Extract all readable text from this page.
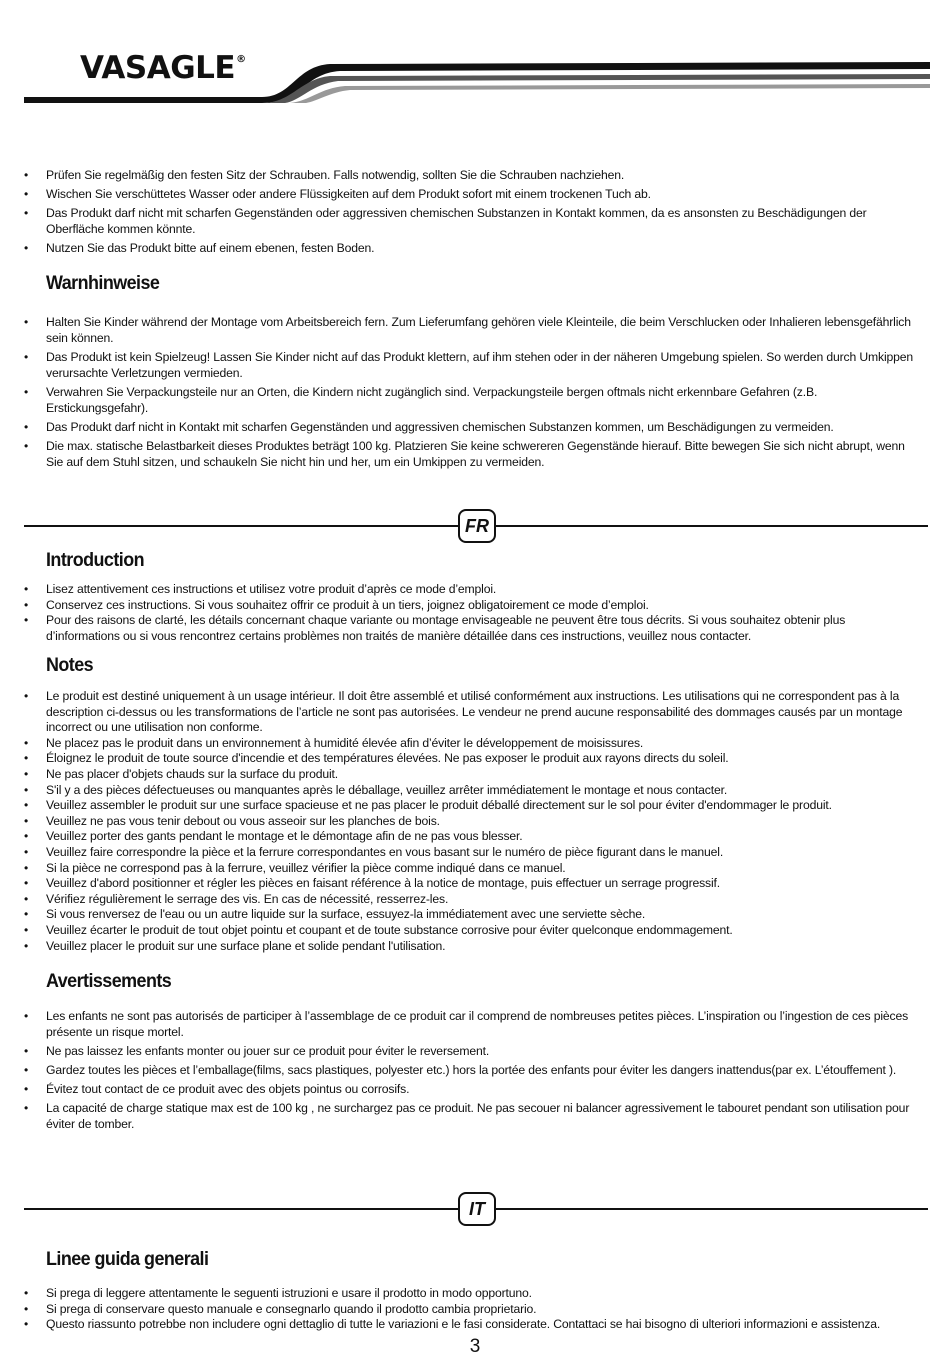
VASAGLE®
• Prüfen Sie regelmäßig den festen Sitz der Schrauben. Falls notwendig, sollten Sie die Schrauben nachziehen.
• Wischen Sie verschüttetes Wasser oder andere Flüssigkeiten auf dem Produkt sofort mit einem trockenen Tuch ab.
• Das Produkt darf nicht mit scharfen Gegenständen oder aggressiven chemischen Substanzen in Kontakt kommen, da es ansonsten zu Beschädigungen der Oberfläche kommen könnte.
• Nutzen Sie das Produkt bitte auf einem ebenen, festen Boden.
Warnhinweise
• Halten Sie Kinder während der Montage vom Arbeitsbereich fern. Zum Lieferumfang gehören viele Kleinteile, die beim Verschlucken oder Inhalieren lebensgefährlich sein können.
• Das Produkt ist kein Spielzeug! Lassen Sie Kinder nicht auf das Produkt klettern, auf ihm stehen oder in der näheren Umgebung spielen. So werden durch Umkippen verursachte Verletzungen vermieden.
• Verwahren Sie Verpackungsteile nur an Orten, die Kindern nicht zugänglich sind. Verpackungsteile bergen oftmals nicht erkennbare Gefahren (z.B. Erstickungsgefahr).
• Das Produkt darf nicht in Kontakt mit scharfen Gegenständen und aggressiven chemischen Substanzen kommen, um Beschädigungen zu vermeiden.
• Die max. statische Belastbarkeit dieses Produktes beträgt 100 kg. Platzieren Sie keine schwereren Gegenstände hierauf. Bitte bewegen Sie sich nicht abrupt, wenn Sie auf dem Stuhl sitzen, und schaukeln Sie nicht hin und her, um ein Umkippen zu vermeiden.
FR
Introduction
• Lisez attentivement ces instructions et utilisez votre produit d’après ce mode d’emploi.
• Conservez ces instructions. Si vous souhaitez offrir ce produit à un tiers, joignez obligatoirement ce mode d’emploi.
• Pour des raisons de clarté, les détails concernant chaque variante ou montage envisageable ne peuvent être tous décrits. Si vous souhaitez obtenir plus d’informations ou si vous rencontrez certains problèmes non traités de manière détaillée dans ces instructions, veuillez nous contacter.
Notes
• Le produit est destiné uniquement à un usage intérieur. Il doit être assemblé et utilisé conformément aux instructions. Les utilisations qui ne correspondent pas à la description ci-dessus ou les transformations de l’article ne sont pas autorisées. Le vendeur ne prend aucune responsabilité des dommages causés par un montage incorrect ou une utilisation non conforme.
• Ne placez pas le produit dans un environnement à humidité élevée afin d’éviter le développement de moisissures.
• Éloignez le produit de toute source d'incendie et des températures élevées. Ne pas exposer le produit aux rayons directs du soleil.
• Ne pas placer d'objets chauds sur la surface du produit.
• S'il y a des pièces défectueuses ou manquantes après le déballage, veuillez arrêter immédiatement le montage et nous contacter.
• Veuillez assembler le produit sur une surface spacieuse et ne pas placer le produit déballé directement sur le sol pour éviter d'endommager le produit.
• Veuillez ne pas vous tenir debout ou vous asseoir sur les planches de bois.
• Veuillez porter des gants pendant le montage et le démontage afin de ne pas vous blesser.
• Veuillez faire correspondre la pièce et la ferrure correspondantes en vous basant sur le numéro de pièce figurant dans le manuel.
• Si la pièce ne correspond pas à la ferrure, veuillez vérifier la pièce comme indiqué dans ce manuel.
• Veuillez d'abord positionner et régler les pièces en faisant référence à la notice de montage, puis effectuer un serrage progressif.
• Vérifiez régulièrement le serrage des vis. En cas de nécessité, resserrez-les.
• Si vous renversez de l'eau ou un autre liquide sur la surface, essuyez-la immédiatement avec une serviette sèche.
• Veuillez écarter le produit de tout objet pointu et coupant et de toute substance corrosive pour éviter quelconque endommagement.
• Veuillez placer le produit sur une surface plane et solide pendant l'utilisation.
Avertissements
• Les enfants ne sont pas autorisés de participer à l’assemblage de ce produit car il comprend de nombreuses petites pièces. L’inspiration ou l’ingestion de ces pièces présente un risque mortel.
• Ne pas laissez les enfants monter ou jouer sur ce produit pour éviter le reversement.
• Gardez toutes les pièces et l’emballage(films, sacs plastiques, polyester etc.) hors la portée des enfants pour éviter les dangers inattendus(par ex. L’étouffement ).
• Évitez tout contact de ce produit avec des objets pointus ou corrosifs.
• La capacité de charge statique max est de 100 kg , ne surchargez pas ce produit. Ne pas secouer ni balancer agressivement le tabouret pendant son utilisation pour éviter de tomber.
IT
Linee guida generali
• Si prega di leggere attentamente le seguenti istruzioni e usare il prodotto in modo opportuno.
• Si prega di conservare questo manuale e consegnarlo quando il prodotto cambia proprietario.
• Questo riassunto potrebbe non includere ogni dettaglio di tutte le variazioni e le fasi considerate. Contattaci se hai bisogno di ulteriori informazioni e assistenza.
3
